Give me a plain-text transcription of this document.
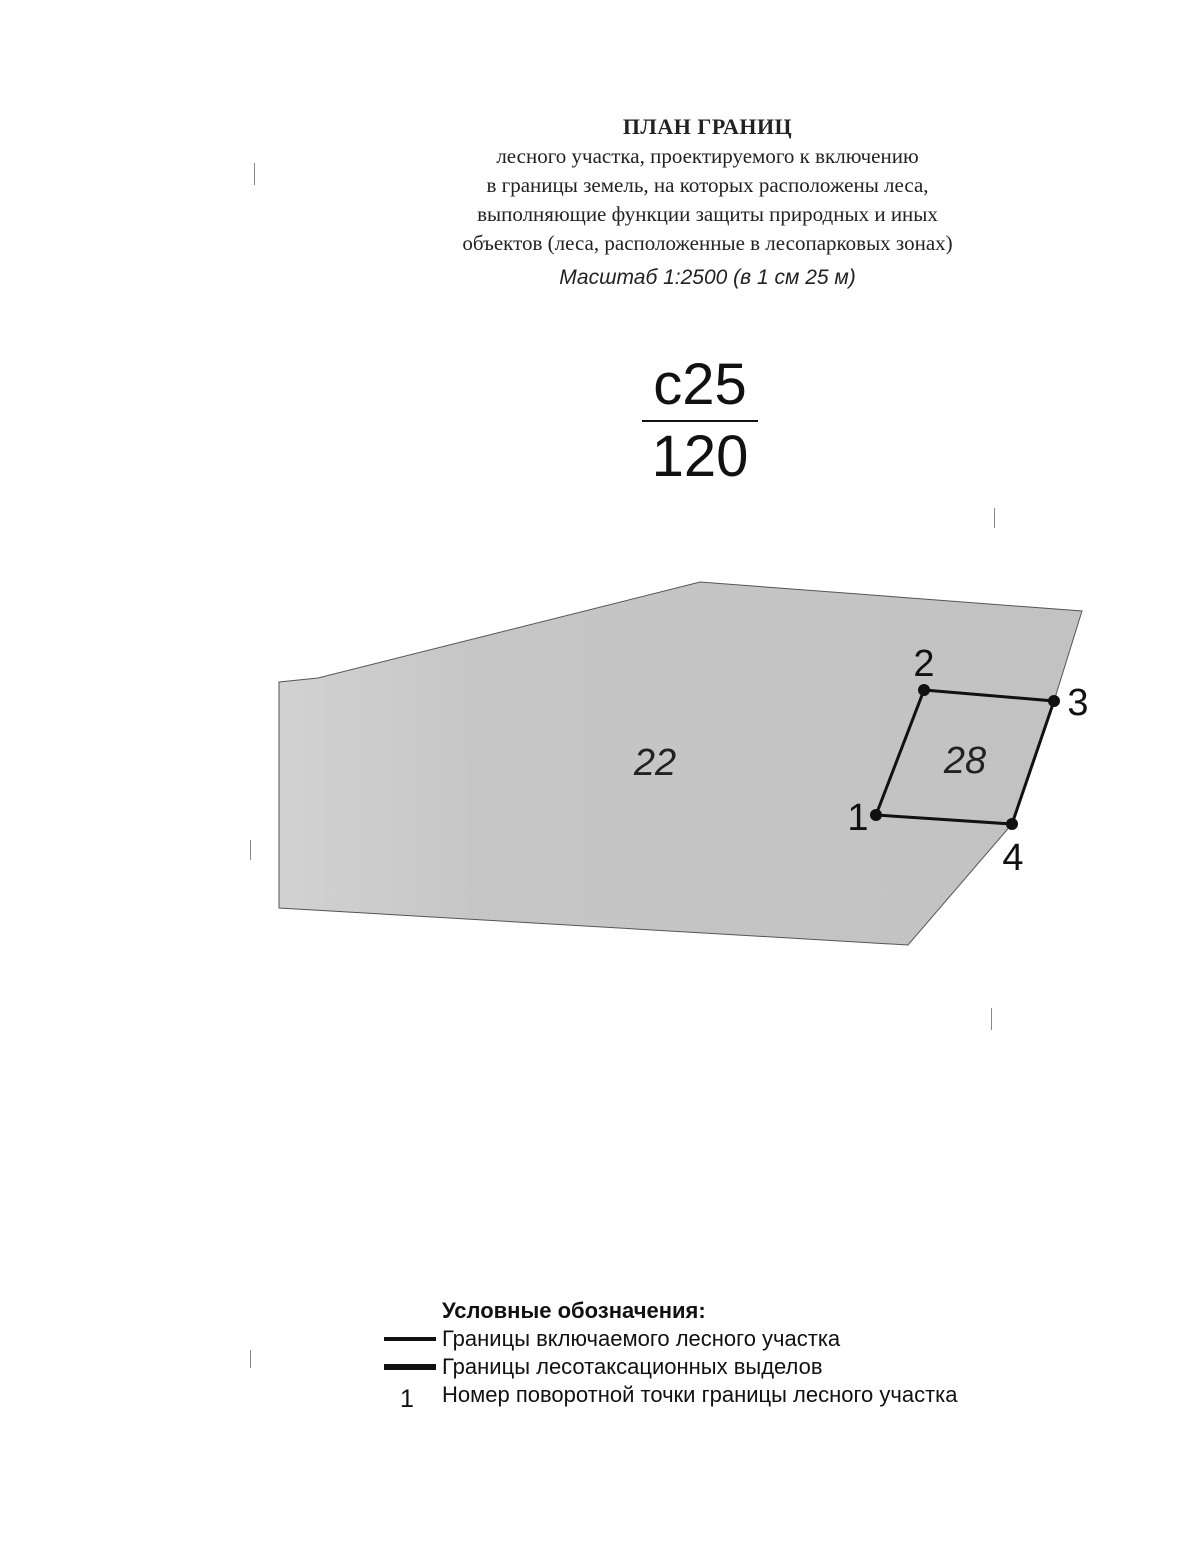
ПЛАН ГРАНИЦ
лесного участка, проектируемого к включению
в границы земель, на которых расположены леса,
выполняющие функции защиты природных и иных
объектов (леса, расположенные в лесопарковых зонах)
Масштаб 1:2500 (в 1 см 25 м)
с25
120
22	28
1
2
3
4
Условные обозначения:
Границы включаемого лесного участка
Границы лесотаксационных выделов
1 Номер поворотной точки границы лесного участка
